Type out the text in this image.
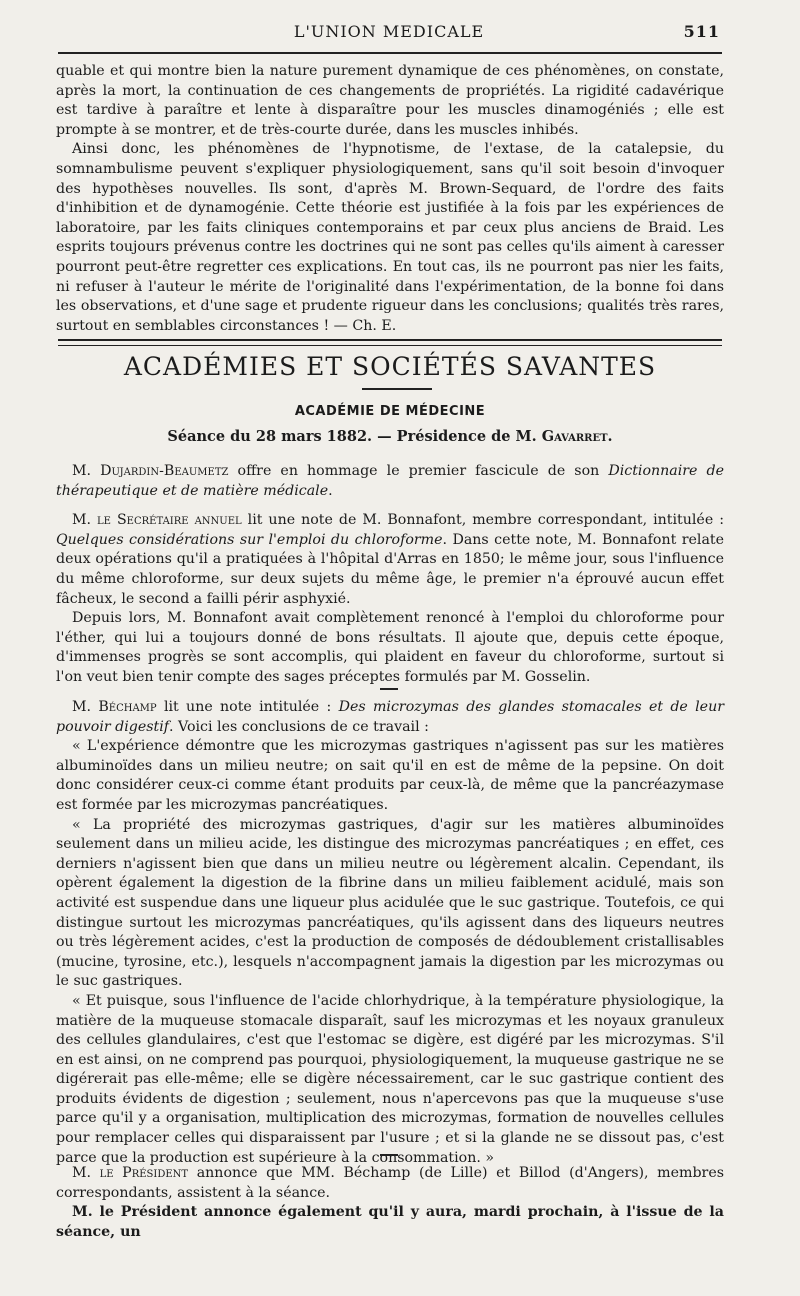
L'UNION MEDICALE	511

quable et qui montre bien la nature purement dynamique de ces phénomènes, on constate, après la mort, la continuation de ces changements de propriétés. La rigidité cadavérique est tardive à paraître et lente à disparaître pour les muscles dinamogéniés ; elle est prompte à se montrer, et de très-courte durée, dans les muscles inhibés.

Ainsi donc, les phénomènes de l'hypnotisme, de l'extase, de la catalepsie, du somnambulisme peuvent s'expliquer physiologiquement, sans qu'il soit besoin d'invoquer des hypothèses nouvelles. Ils sont, d'après M. Brown-Sequard, de l'ordre des faits d'inhibition et de dynamogénie. Cette théorie est justifiée à la fois par les expériences de laboratoire, par les faits cliniques contemporains et par ceux plus anciens de Braid. Les esprits toujours prévenus contre les doctrines qui ne sont pas celles qu'ils aiment à caresser pourront peut-être regretter ces explications. En tout cas, ils ne pourront pas nier les faits, ni refuser à l'auteur le mérite de l'originalité dans l'expérimentation, de la bonne foi dans les observations, et d'une sage et prudente rigueur dans les conclusions; qualités très rares, surtout en semblables circonstances ! — Ch. E.

ACADÉMIES ET SOCIÉTÉS SAVANTES
ACADÉMIE DE MÉDECINE
Séance du 28 mars 1882. — Présidence de M. Gavarret.

M. Dujardin-Beaumetz offre en hommage le premier fascicule de son Dictionnaire de thérapeutique et de matière médicale.

M. le Secrétaire annuel lit une note de M. Bonnafont, membre correspondant, intitulée : Quelques considérations sur l'emploi du chloroforme. Dans cette note, M. Bonnafont relate deux opérations qu'il a pratiquées à l'hôpital d'Arras en 1850; le même jour, sous l'influence du même chloroforme, sur deux sujets du même âge, le premier n'a éprouvé aucun effet fâcheux, le second a failli périr asphyxié.

Depuis lors, M. Bonnafont avait complètement renoncé à l'emploi du chloroforme pour l'éther, qui lui a toujours donné de bons résultats. Il ajoute que, depuis cette époque, d'immenses progrès se sont accomplis, qui plaident en faveur du chloroforme, surtout si l'on veut bien tenir compte des sages préceptes formulés par M. Gosselin.

M. Béchamp lit une note intitulée : Des microzymas des glandes stomacales et de leur pouvoir digestif. Voici les conclusions de ce travail :

« L'expérience démontre que les microzymas gastriques n'agissent pas sur les matières albuminoïdes dans un milieu neutre; on sait qu'il en est de même de la pepsine. On doit donc considérer ceux-ci comme étant produits par ceux-là, de même que la pancréazymase est formée par les microzymas pancréatiques.

« La propriété des microzymas gastriques, d'agir sur les matières albuminoïdes seulement dans un milieu acide, les distingue des microzymas pancréatiques ; en effet, ces derniers n'agissent bien que dans un milieu neutre ou légèrement alcalin. Cependant, ils opèrent également la digestion de la fibrine dans un milieu faiblement acidulé, mais son activité est suspendue dans une liqueur plus acidulée que le suc gastrique. Toutefois, ce qui distingue surtout les microzymas pancréatiques, qu'ils agissent dans des liqueurs neutres ou très légèrement acides, c'est la production de composés de dédoublement cristallisables (mucine, tyrosine, etc.), lesquels n'accompagnent jamais la digestion par les microzymas ou le suc gastriques.

« Et puisque, sous l'influence de l'acide chlorhydrique, à la température physiologique, la matière de la muqueuse stomacale disparaît, sauf les microzymas et les noyaux granuleux des cellules glandulaires, c'est que l'estomac se digère, est digéré par les microzymas. S'il en est ainsi, on ne comprend pas pourquoi, physiologiquement, la muqueuse gastrique ne se digérerait pas elle-même; elle se digère nécessairement, car le suc gastrique contient des produits évidents de digestion ; seulement, nous n'apercevons pas que la muqueuse s'use parce qu'il y a organisation, multiplication des microzymas, formation de nouvelles cellules pour remplacer celles qui disparaissent par l'usure ; et si la glande ne se dissout pas, c'est parce que la production est supérieure à la consommation. »

M. le Président annonce que MM. Béchamp (de Lille) et Billod (d'Angers), membres correspondants, assistent à la séance.

M. le Président annonce également qu'il y aura, mardi prochain, à l'issue de la séance, un
